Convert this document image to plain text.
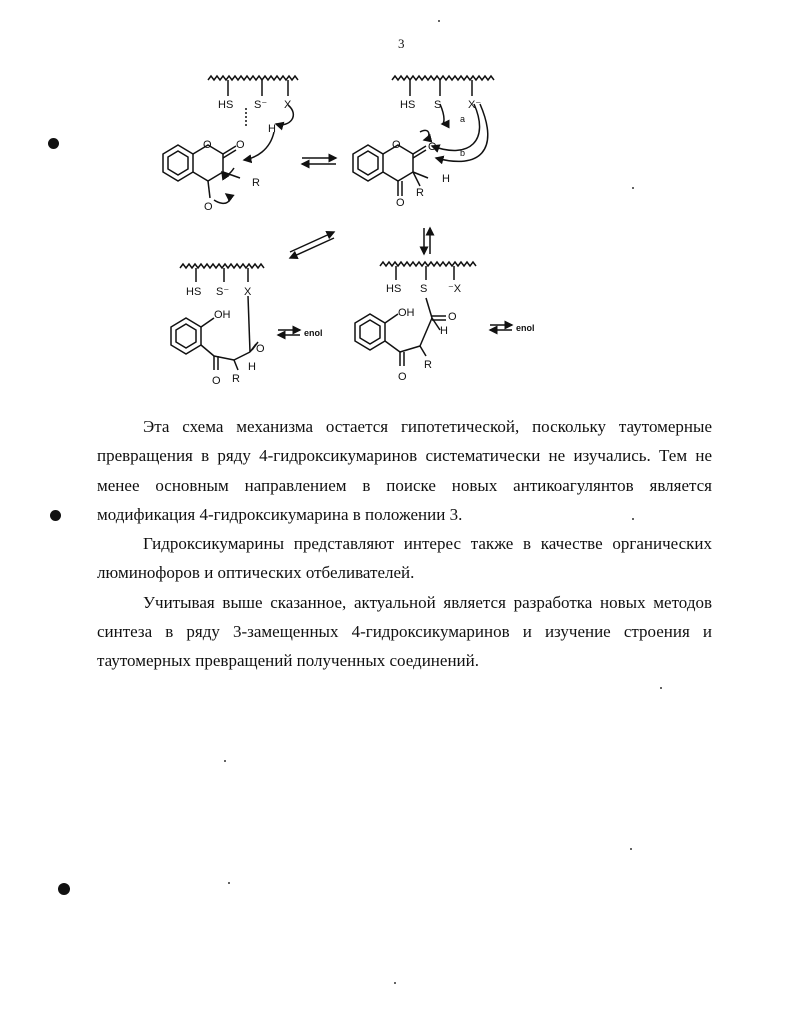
3
HS S⁻ X
H
O
O
R
O
HS S X⁻
O O
H
R
O
a
b
HS S⁻ X
OH
O
H
R
O
enol
HS S ⁻X
OH	O
H
R
O
enol

Эта схема механизма остается гипотетической, поскольку таутомерные превращения в ряду 4-гидроксикумаринов систематически не изучались. Тем не менее основным направлением в поиске новых антикоагулянтов является модификация 4-гидроксикумарина в положении 3.

Гидроксикумарины представляют интерес также в качестве органических люминофоров и оптических отбеливателей.

Учитывая выше сказанное, актуальной является разработка новых методов синтеза в ряду 3-замещенных 4-гидроксикумаринов и изучение строения и таутомерных превращений полученных соединений.
